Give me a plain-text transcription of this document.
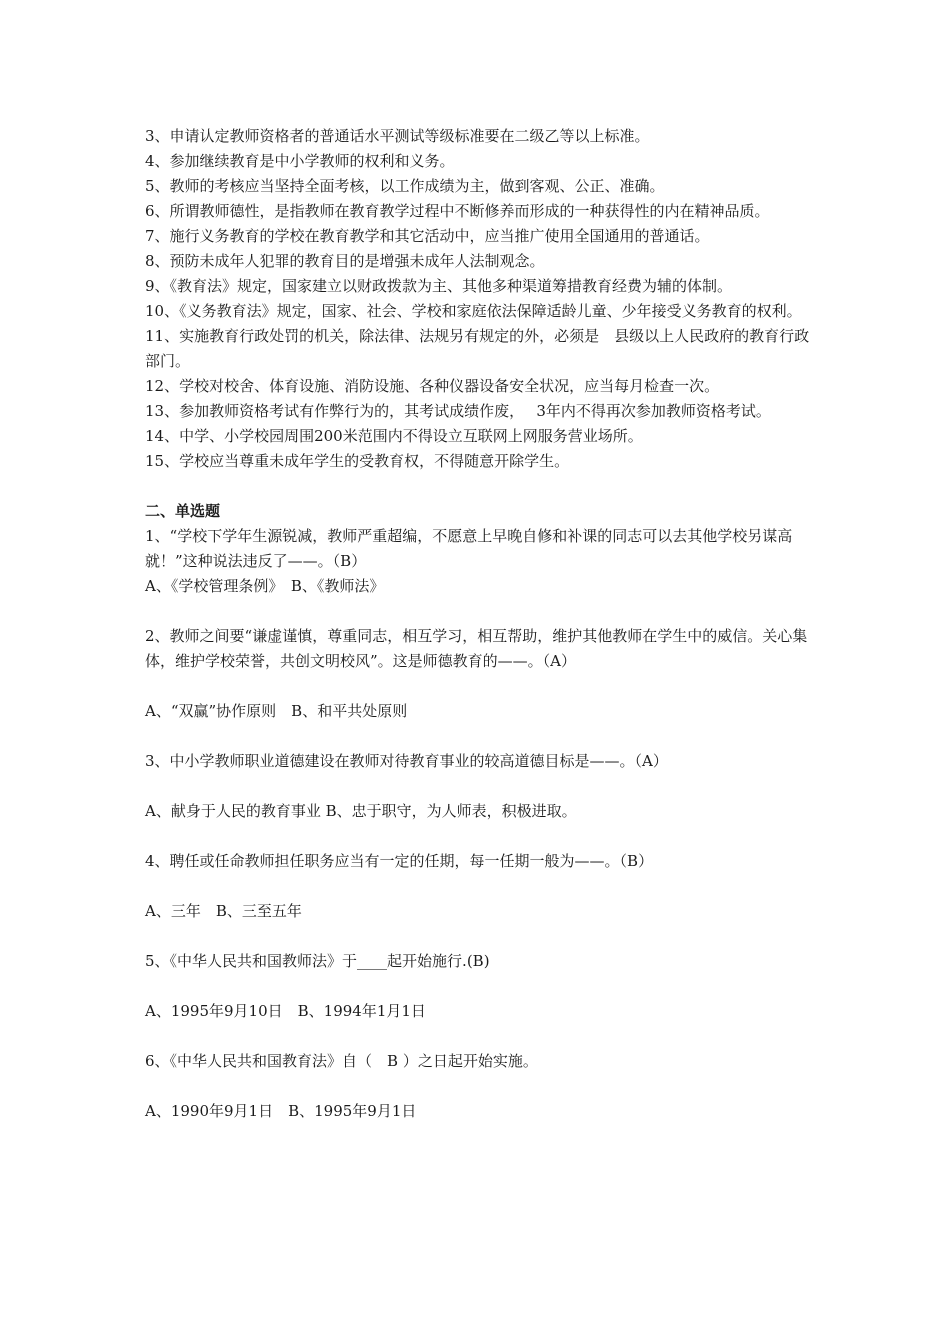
3、申请认定教师资格者的普通话水平测试等级标准要在二级乙等以上标准。

4、参加继续教育是中小学教师的权利和义务。

5、教师的考核应当坚持全面考核，以工作成绩为主，做到客观、公正、准确。

6、所谓教师德性，是指教师在教育教学过程中不断修养而形成的一种获得性的内在精神品质。

7、施行义务教育的学校在教育教学和其它活动中，应当推广使用全国通用的普通话。

8、预防未成年人犯罪的教育目的是增强未成年人法制观念。

9、《教育法》规定，国家建立以财政拨款为主、其他多种渠道筹措教育经费为辅的体制。

10、《义务教育法》规定，国家、社会、学校和家庭依法保障适龄儿童、少年接受义务教育的权利。

11、实施教育行政处罚的机关，除法律、法规另有规定的外，必须是　县级以上人民政府的教育行政部门。

12、学校对校舍、体育设施、消防设施、各种仪器设备安全状况，应当每月检查一次。

13、参加教师资格考试有作弊行为的，其考试成绩作废，　 3年内不得再次参加教师资格考试。

14、中学、小学校园周围200米范围内不得设立互联网上网服务营业场所。

15、学校应当尊重未成年学生的受教育权，不得随意开除学生。

二、单选题

1、“学校下学年生源锐减，教师严重超编，不愿意上早晚自修和补课的同志可以去其他学校另谋高就！”这种说法违反了——。（B）

A、《学校管理条例》　B、《教师法》

2、教师之间要“谦虚谨慎，尊重同志，相互学习，相互帮助，维护其他教师在学生中的威信。关心集体，维护学校荣誉，共创文明校风”。这是师德教育的——。（A）

A、“双赢”协作原则　B、和平共处原则

3、中小学教师职业道德建设在教师对待教育事业的较高道德目标是——。（A）

A、献身于人民的教育事业 B、忠于职守，为人师表，积极进取。

4、聘任或任命教师担任职务应当有一定的任期，每一任期一般为——。（B）

A、三年　B、三至五年

5、《中华人民共和国教师法》于____起开始施行.(B)

A、1995年9月10日　B、1994年1月1日

6、《中华人民共和国教育法》自（　B ）之日起开始实施。

A、1990年9月1日　B、1995年9月1日
